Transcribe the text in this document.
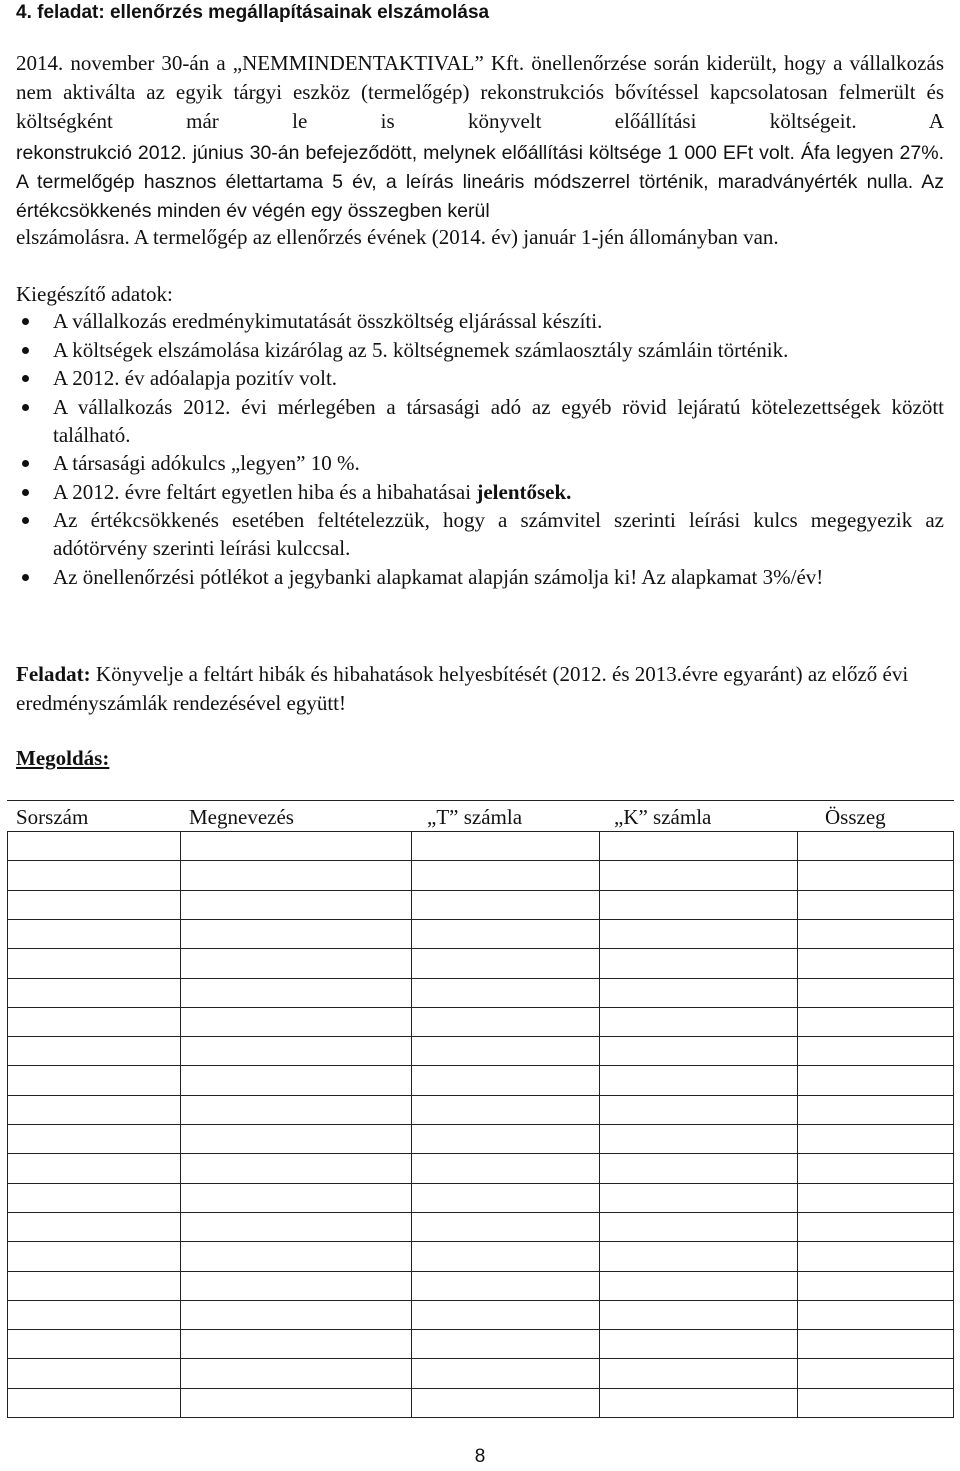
4. feladat: ellenőrzés megállapításainak elszámolása
2014. november 30-án a „NEMMINDENTAKTIVAL” Kft. önellenőrzése során kiderült, hogy a vállalkozás nem aktiválta az egyik tárgyi eszköz (termelőgép) rekonstrukciós bővítéssel kapcsolatosan felmerült és költségként már le is könyvelt előállítási költségeit. A
rekonstrukció 2012. június 30-án befejeződött, melynek előállítási költsége 1 000 EFt volt. Áfa legyen 27%. A termelőgép hasznos élettartama 5 év, a leírás lineáris módszerrel történik, maradványérték nulla. Az értékcsökkenés minden év végén egy összegben kerül
elszámolásra. A termelőgép az ellenőrzés évének (2014. év) január 1-jén állományban van.
Kiegészítő adatok:
A vállalkozás eredménykimutatását összköltség eljárással készíti.
A költségek elszámolása kizárólag az 5. költségnemek számlaosztály számláin történik.
A 2012. év adóalapja pozitív volt.
A vállalkozás 2012. évi mérlegében a társasági adó az egyéb rövid lejáratú kötelezettségek között található.
A társasági adókulcs „legyen” 10 %.
A 2012. évre feltárt egyetlen hiba és a hibahatásai jelentősek.
Az értékcsökkenés esetében feltételezzük, hogy a számvitel szerinti leírási kulcs megegyezik az adótörvény szerinti leírási kulccsal.
Az önellenőrzési pótlékot a jegybanki alapkamat alapján számolja ki! Az alapkamat 3%/év!
Feladat: Könyvelje a feltárt hibák és hibahatások helyesbítését (2012. és 2013.évre egyaránt) az előző évi eredményszámlák rendezésével együtt!
Megoldás:
Sorszám	Megnevezés	„T” számla	„K” számla	Összeg
8
